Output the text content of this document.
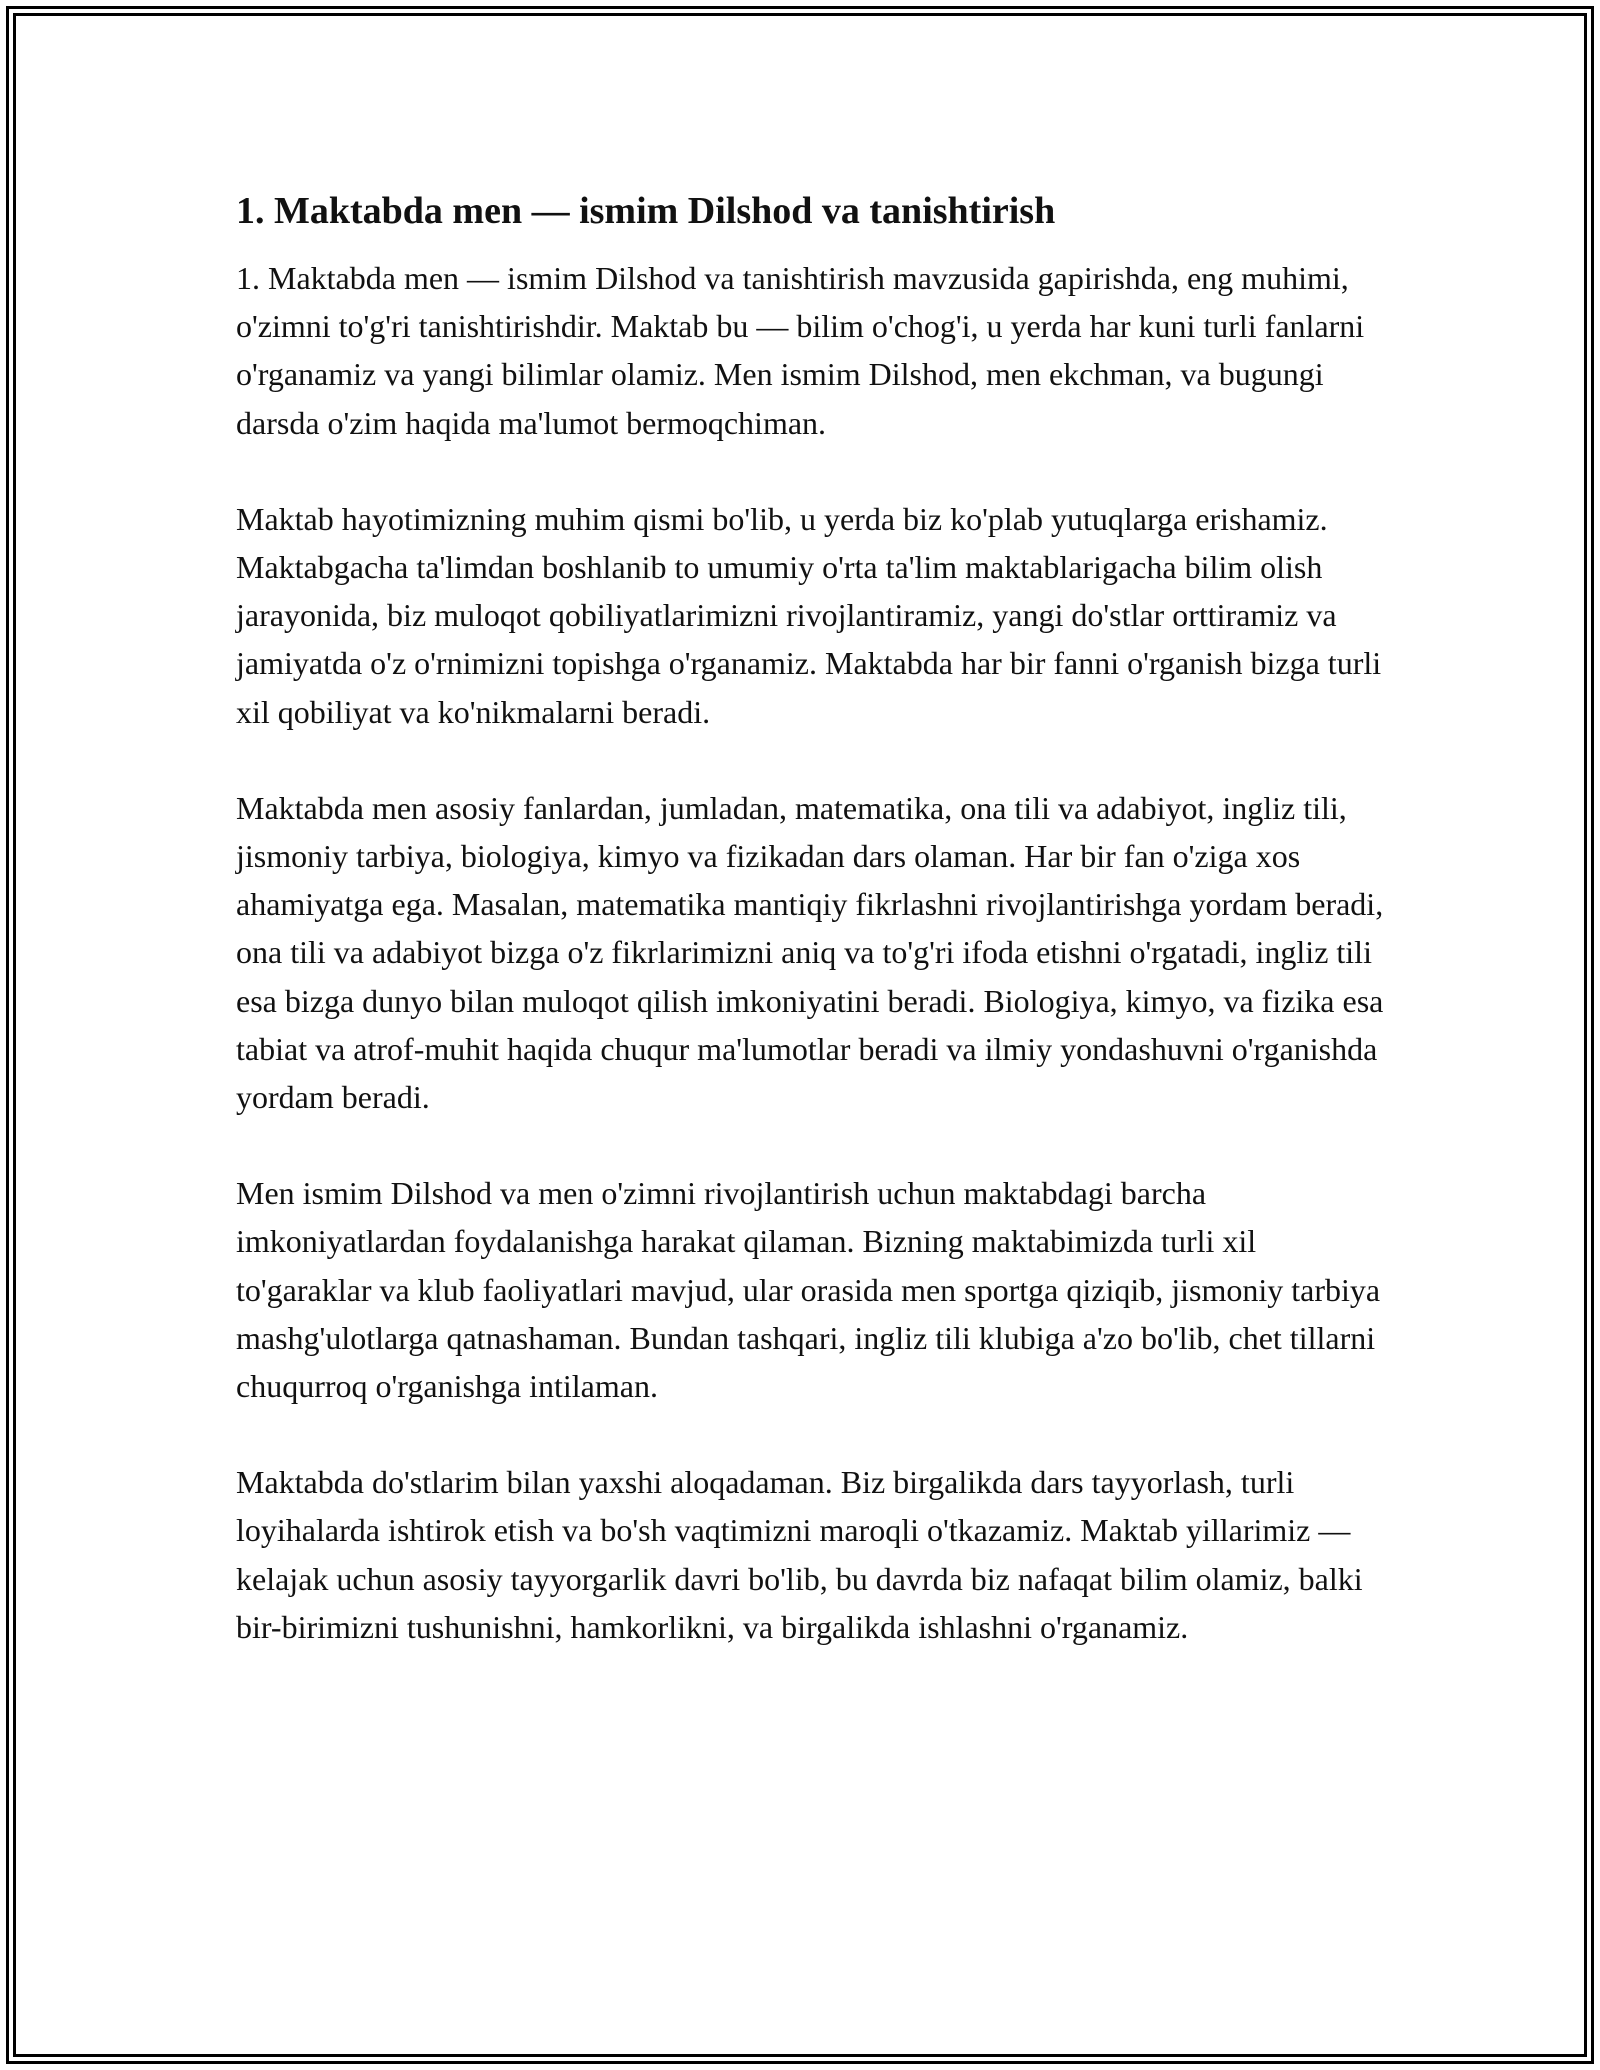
1. Maktabda men — ismim Dilshod va tanishtirish

1. Maktabda men — ismim Dilshod va tanishtirish mavzusida gapirishda, eng muhimi, o'zimni to'g'ri tanishtirishdir. Maktab bu — bilim o'chog'i, u yerda har kuni turli fanlarni o'rganamiz va yangi bilimlar olamiz. Men ismim Dilshod, men ekchman, va bugungi darsda o'zim haqida ma'lumot bermoqchiman.

Maktab hayotimizning muhim qismi bo'lib, u yerda biz ko'plab yutuqlarga erishamiz. Maktabgacha ta'limdan boshlanib to umumiy o'rta ta'lim maktablarigacha bilim olish jarayonida, biz muloqot qobiliyatlarimizni rivojlantiramiz, yangi do'stlar orttiramiz va jamiyatda o'z o'rnimizni topishga o'rganamiz. Maktabda har bir fanni o'rganish bizga turli xil qobiliyat va ko'nikmalarni beradi.

Maktabda men asosiy fanlardan, jumladan, matematika, ona tili va adabiyot, ingliz tili, jismoniy tarbiya, biologiya, kimyo va fizikadan dars olaman. Har bir fan o'ziga xos ahamiyatga ega. Masalan, matematika mantiqiy fikrlashni rivojlantirishga yordam beradi, ona tili va adabiyot bizga o'z fikrlarimizni aniq va to'g'ri ifoda etishni o'rgatadi, ingliz tili esa bizga dunyo bilan muloqot qilish imkoniyatini beradi. Biologiya, kimyo, va fizika esa tabiat va atrof-muhit haqida chuqur ma'lumotlar beradi va ilmiy yondashuvni o'rganishda yordam beradi.

Men ismim Dilshod va men o'zimni rivojlantirish uchun maktabdagi barcha imkoniyatlardan foydalanishga harakat qilaman. Bizning maktabimizda turli xil to'garaklar va klub faoliyatlari mavjud, ular orasida men sportga qiziqib, jismoniy tarbiya mashg'ulotlarga qatnashaman. Bundan tashqari, ingliz tili klubiga a'zo bo'lib, chet tillarni chuqurroq o'rganishga intilaman.

Maktabda do'stlarim bilan yaxshi aloqadaman. Biz birgalikda dars tayyorlash, turli loyihalarda ishtirok etish va bo'sh vaqtimizni maroqli o'tkazamiz. Maktab yillarimiz — kelajak uchun asosiy tayyorgarlik davri bo'lib, bu davrda biz nafaqat bilim olamiz, balki bir-birimizni tushunishni, hamkorlikni, va birgalikda ishlashni o'rganamiz.
